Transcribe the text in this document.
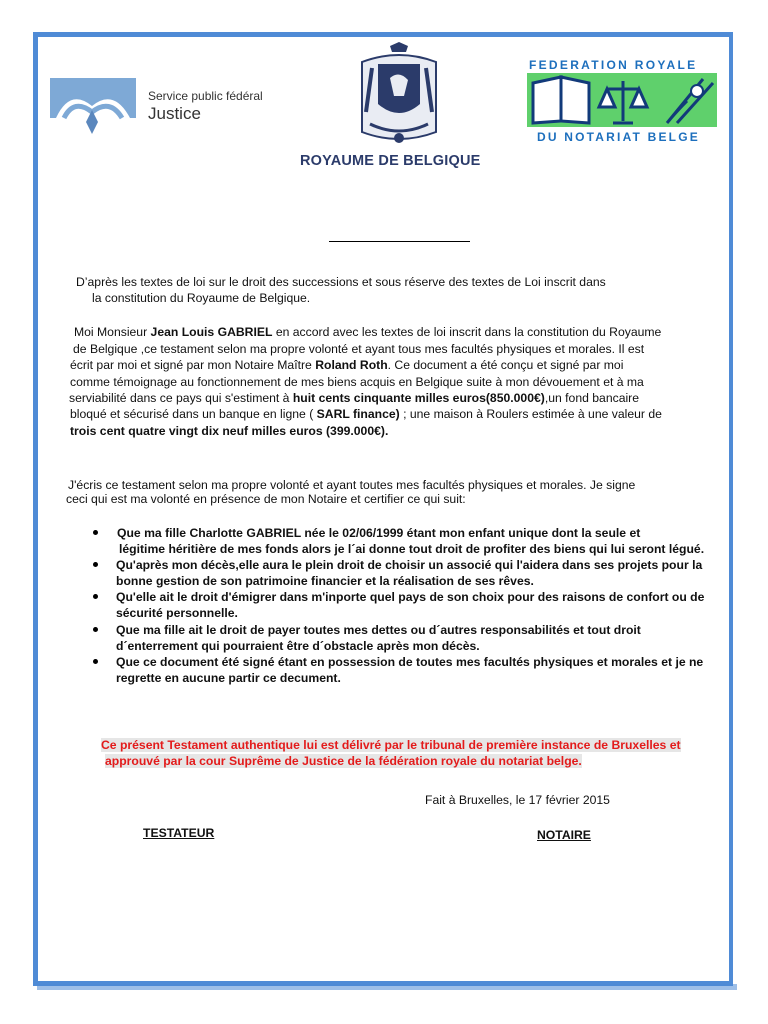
Service public fédéral
Justice
ROYAUME DE BELGIQUE
FEDERATION ROYALE
DU NOTARIAT BELGE
D’après les textes de loi sur le droit des successions et sous réserve des textes de Loi inscrit dans
la constitution du Royaume de Belgique.
Moi Monsieur Jean Louis GABRIEL en accord avec les textes de loi inscrit dans la constitution du Royaume
de Belgique ,ce testament selon ma propre volonté et ayant tous mes facultés physiques et morales. Il est
écrit par moi et signé par mon Notaire Maître Roland Roth. Ce document a été conçu et signé par moi
comme témoignage au fonctionnement de mes biens acquis en Belgique suite à mon dévouement et à ma
serviabilité dans ce pays qui s'estiment à huit cents cinquante milles euros(850.000€),un fond bancaire
bloqué et sécurisé dans un banque en ligne ( SARL finance) ; une maison à Roulers estimée à une valeur de
trois cent quatre vingt dix neuf milles euros (399.000€).
J'écris ce testament selon ma propre volonté et ayant toutes mes facultés physiques et morales. Je signe
ceci qui est ma volonté en présence de mon Notaire et certifier ce qui suit:
Que ma fille Charlotte GABRIEL née le 02/06/1999 étant mon enfant unique dont la seule et
légitime héritière de mes fonds alors je l´ai donne tout droit de profiter des biens qui lui seront légué.
Qu'après mon décès,elle aura le plein droit de choisir un associé qui l'aidera dans ses projets pour la
bonne gestion de son patrimoine financier et la réalisation de ses rêves.
Qu'elle ait le droit d'émigrer dans m'inporte quel pays de son choix pour des raisons de confort ou de
sécurité personnelle.
Que ma fille ait le droit de payer toutes mes dettes ou d´autres responsabilités et tout droit
d´enterrement qui pourraient être d´obstacle après mon décès.
Que ce document été signé étant en possession de toutes mes facultés physiques et morales et je ne
regrette en aucune partir ce decument.
Ce présent Testament authentique lui est délivré par le tribunal de première instance de Bruxelles et
approuvé par la cour Suprême de Justice de la fédération royale du notariat belge.
Fait à Bruxelles, le 17 février 2015
TESTATEUR	NOTAIRE
